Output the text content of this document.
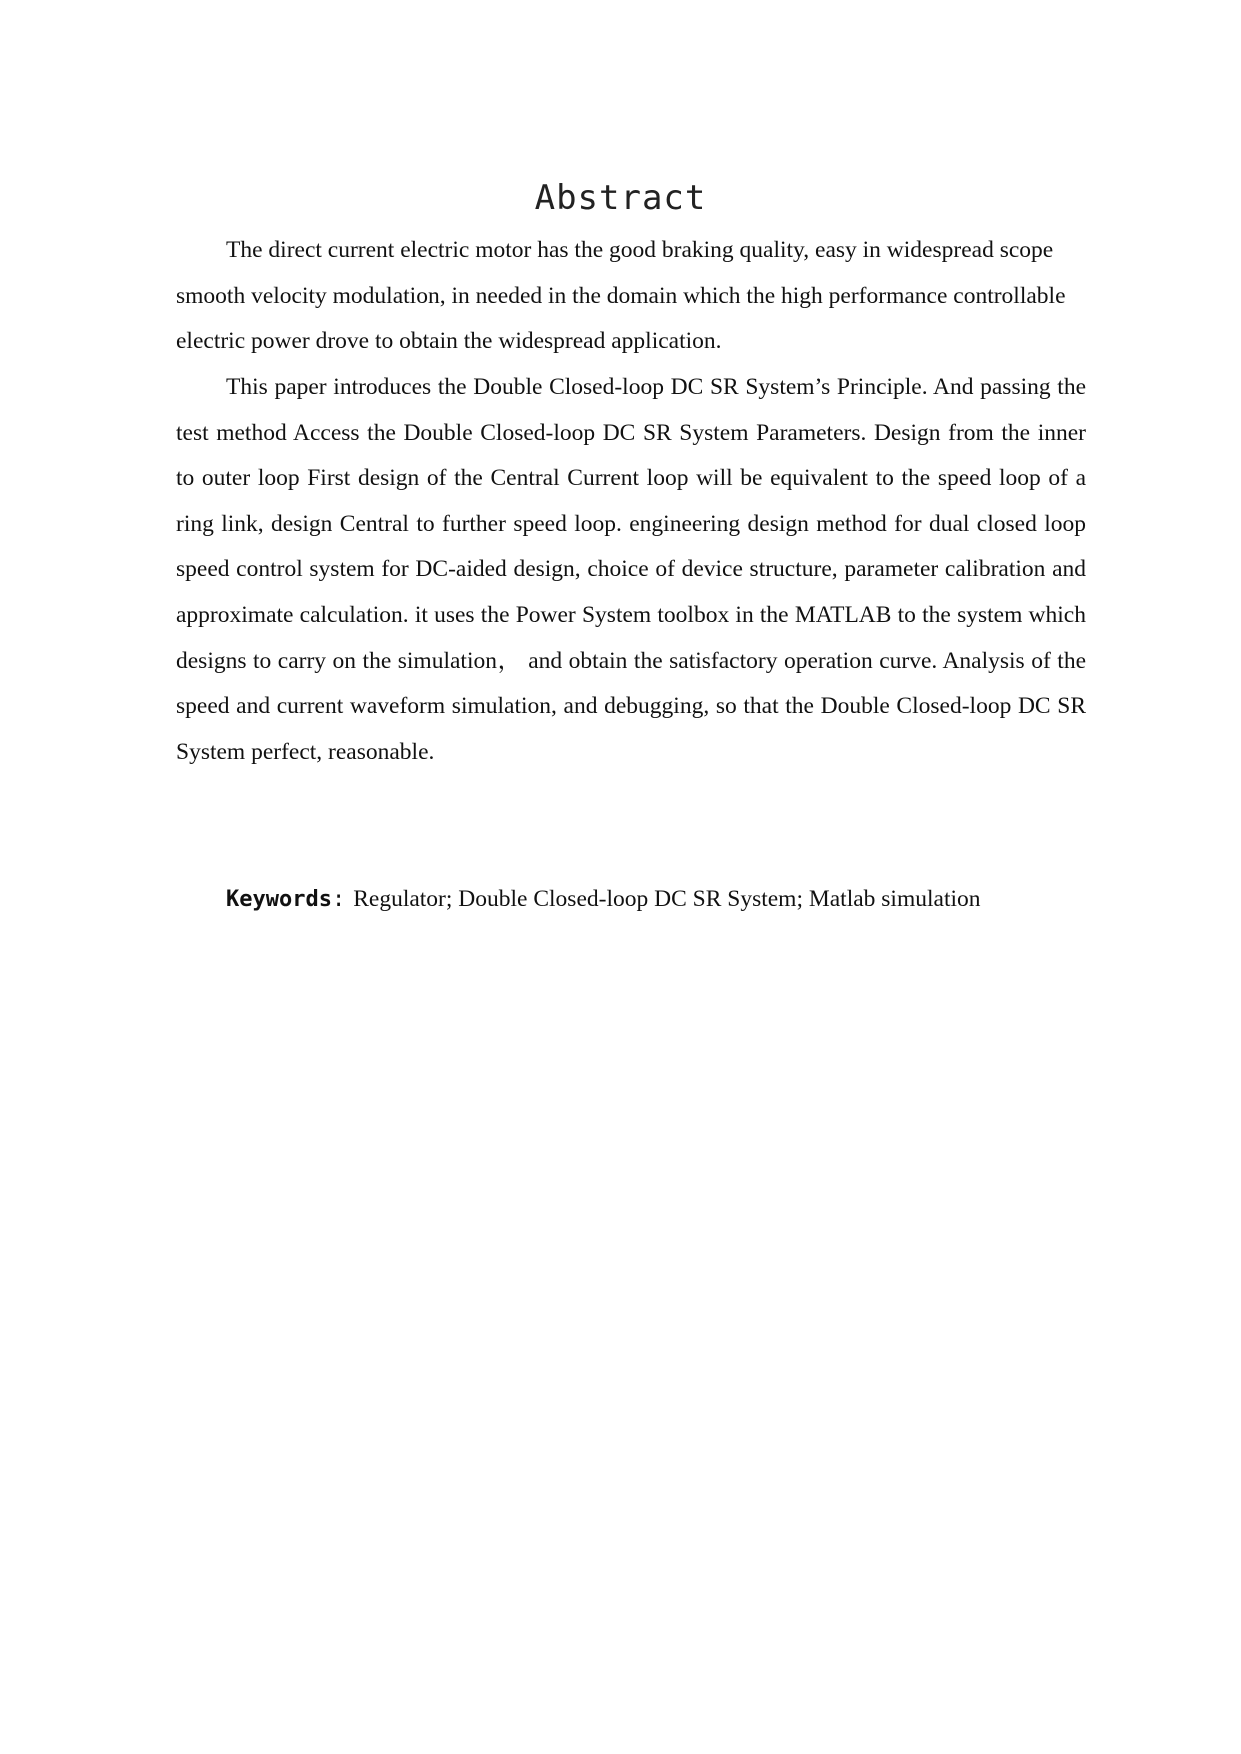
Abstract

The direct current electric motor has the good braking quality, easy in widespread scope smooth velocity modulation, in needed in the domain which the high performance controllable electric power drove to obtain the widespread application.

This paper introduces the Double Closed-loop DC SR System’s Principle. And passing the test method Access the Double Closed-loop DC SR System Parameters. Design from the inner to outer loop First design of the Central Current loop will be equivalent to the speed loop of a ring link, design Central to further speed loop. engineering design method for dual closed loop speed control system for DC-aided design, choice of device structure, parameter calibration and approximate calculation. it uses the Power System toolbox in the MATLAB to the system which designs to carry on the simulation， and obtain the satisfactory operation curve. Analysis of the speed and current waveform simulation, and debugging, so that the Double Closed-loop DC SR System perfect, reasonable.

Keywords: Regulator; Double Closed-loop DC SR System; Matlab simulation
